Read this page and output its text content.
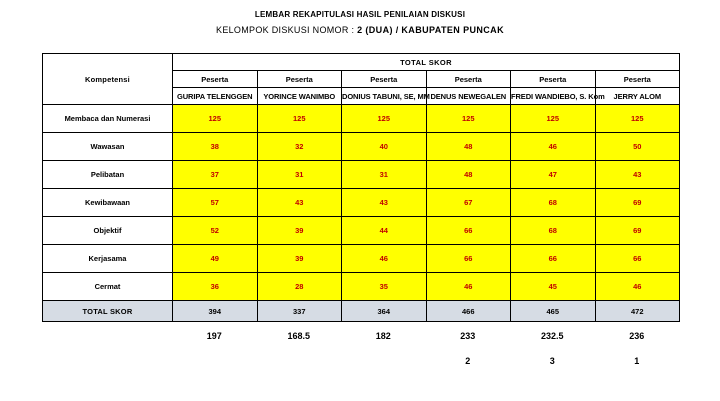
LEMBAR REKAPITULASI HASIL PENILAIAN DISKUSI
KELOMPOK DISKUSI NOMOR : 2 (DUA) / KABUPATEN PUNCAK
Kompetensi	TOTAL SKOR					
	Peserta	Peserta	Peserta	Peserta	Peserta	Peserta
	GURIPA TELENGGEN	YORINCE WANIMBO	DONIUS TABUNI, SE, MM	DENUS NEWEGALEN	FREDI WANDIEBO, S. Kom	JERRY ALOM
Membaca dan Numerasi	125	125	125	125	125	125
Wawasan	38	32	40	48	46	50
Pelibatan	37	31	31	48	47	43
Kewibawaan	57	43	43	67	68	69
Objektif	52	39	44	66	68	69
Kerjasama	49	39	46	66	66	66
Cermat	36	28	35	46	45	46
TOTAL SKOR	394	337	364	466	465	472
	197	168.5	182	233	232.5	236
				2	3	1
